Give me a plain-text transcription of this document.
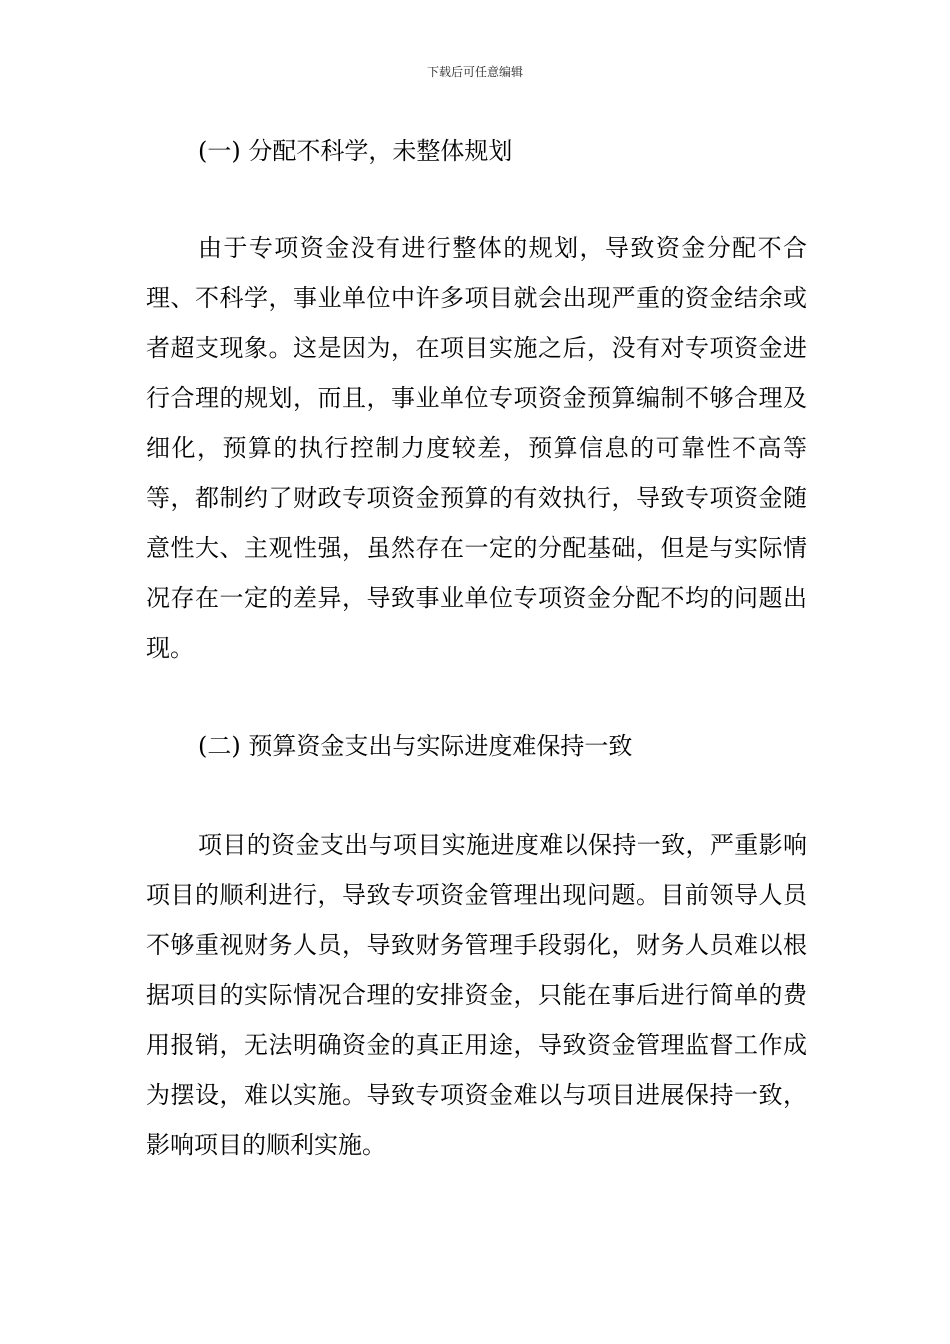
下载后可任意编辑
(一) 分配不科学，未整体规划
由于专项资金没有进行整体的规划，导致资金分配不合理、不科学，事业单位中许多项目就会出现严重的资金结余或者超支现象。这是因为，在项目实施之后，没有对专项资金进行合理的规划，而且，事业单位专项资金预算编制不够合理及细化，预算的执行控制力度较差，预算信息的可靠性不高等等，都制约了财政专项资金预算的有效执行，导致专项资金随意性大、主观性强，虽然存在一定的分配基础，但是与实际情况存在一定的差异，导致事业单位专项资金分配不均的问题出现。
(二) 预算资金支出与实际进度难保持一致
项目的资金支出与项目实施进度难以保持一致，严重影响项目的顺利进行，导致专项资金管理出现问题。目前领导人员不够重视财务人员，导致财务管理手段弱化，财务人员难以根据项目的实际情况合理的安排资金，只能在事后进行简单的费用报销，无法明确资金的真正用途，导致资金管理监督工作成为摆设，难以实施。导致专项资金难以与项目进展保持一致，影响项目的顺利实施。
